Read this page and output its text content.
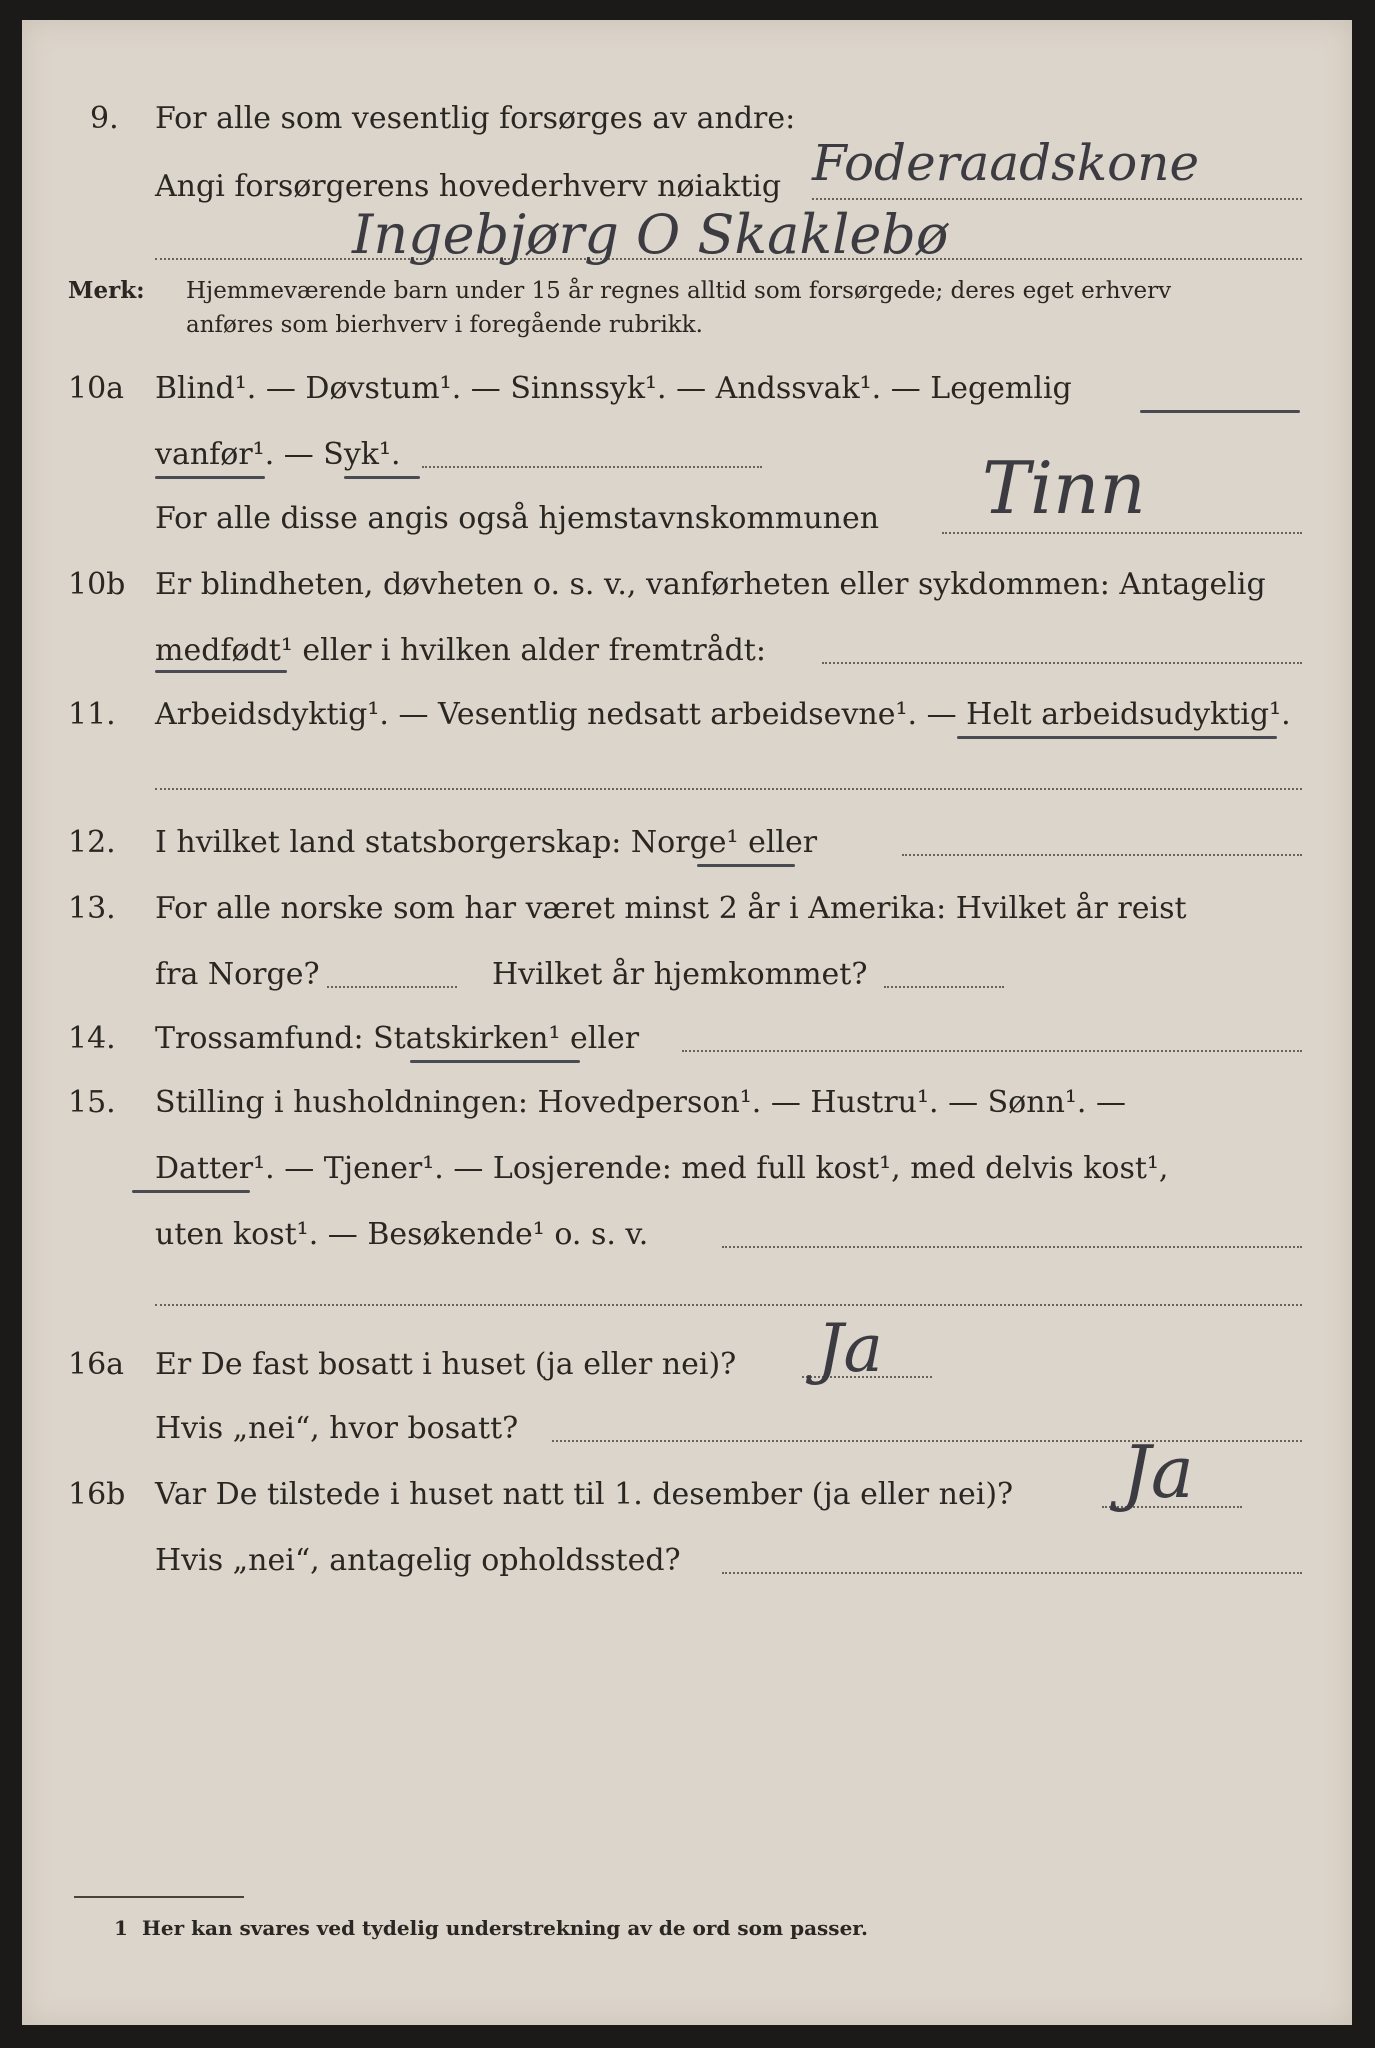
9. For alle som vesentlig forsørges av andre:
Angi forsørgerens hovederhverv nøiaktig Foderaadskone
Ingebjørg O Skaklebø
Merk: Hjemmeværende barn under 15 år regnes alltid som forsørgede; deres eget erhverv
anføres som bierhverv i foregående rubrikk.
10a Blind¹. — Døvstum¹. — Sinnssyk¹. — Andssvak¹. — Legemlig
vanfør¹. — Syk¹.
For alle disse angis også hjemstavnskommunen Tinn
10b Er blindheten, døvheten o. s. v., vanførheten eller sykdommen: Antagelig
medfødt¹ eller i hvilken alder fremtrådt:
11. Arbeidsdyktig¹. — Vesentlig nedsatt arbeidsevne¹. — Helt arbeidsudyktig¹.
12. I hvilket land statsborgerskap: Norge¹ eller
13. For alle norske som har været minst 2 år i Amerika: Hvilket år reist
fra Norge?	Hvilket år hjemkommet?
14. Trossamfund: Statskirken¹ eller
15. Stilling i husholdningen: Hovedperson¹. — Hustru¹. — Sønn¹. —
Datter¹. — Tjener¹. — Losjerende: med full kost¹, med delvis kost¹,
uten kost¹. — Besøkende¹ o. s. v.
16a Er De fast bosatt i huset (ja eller nei)? Ja
Hvis „nei“, hvor bosatt?
16b Var De tilstede i huset natt til 1. desember (ja eller nei)? Ja
Hvis „nei“, antagelig opholdssted?
1 Her kan svares ved tydelig understrekning av de ord som passer.
